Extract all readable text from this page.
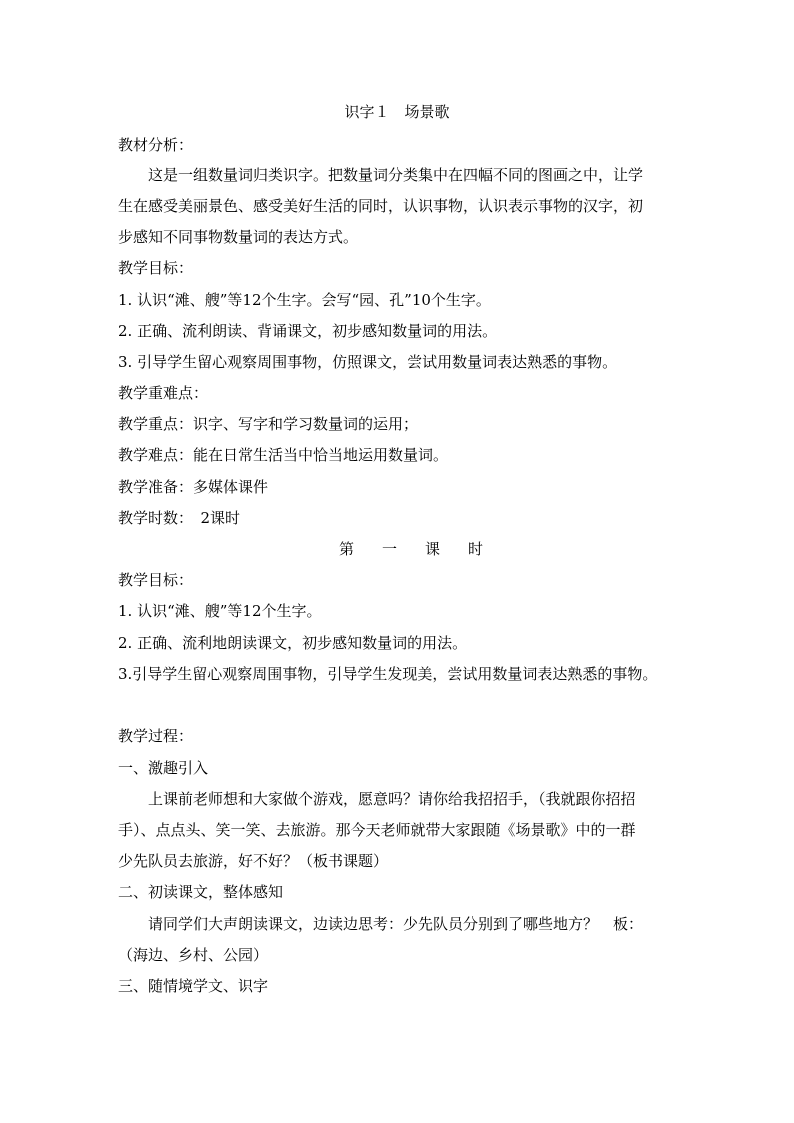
识字１　场景歌
教材分析：
这是一组数量词归类识字。把数量词分类集中在四幅不同的图画之中，让学
生在感受美丽景色、感受美好生活的同时，认识事物，认识表示事物的汉字，初
步感知不同事物数量词的表达方式。
教学目标：
1. 认识“滩、艘”等12个生字。会写“园、孔”10个生字。
2. 正确、流利朗读、背诵课文，初步感知数量词的用法。
3. 引导学生留心观察周围事物，仿照课文，尝试用数量词表达熟悉的事物。
教学重难点：
教学重点：识字、写字和学习数量词的运用；
教学难点：能在日常生活当中恰当地运用数量词。
教学准备：多媒体课件
教学时数：　2课时
第一课时
教学目标：
1. 认识“滩、艘”等12个生字。
2. 正确、流利地朗读课文，初步感知数量词的用法。
3.引导学生留心观察周围事物，引导学生发现美，尝试用数量词表达熟悉的事物。
教学过程：
一、激趣引入
上课前老师想和大家做个游戏，愿意吗？请你给我招招手，（我就跟你招招
手）、点点头、笑一笑、去旅游。那今天老师就带大家跟随《场景歌》中的一群
少先队员去旅游，好不好？（板书课题）
二、初读课文，整体感知
请同学们大声朗读课文，边读边思考：少先队员分别到了哪些地方？　板：
（海边、乡村、公园）
三、随情境学文、识字
